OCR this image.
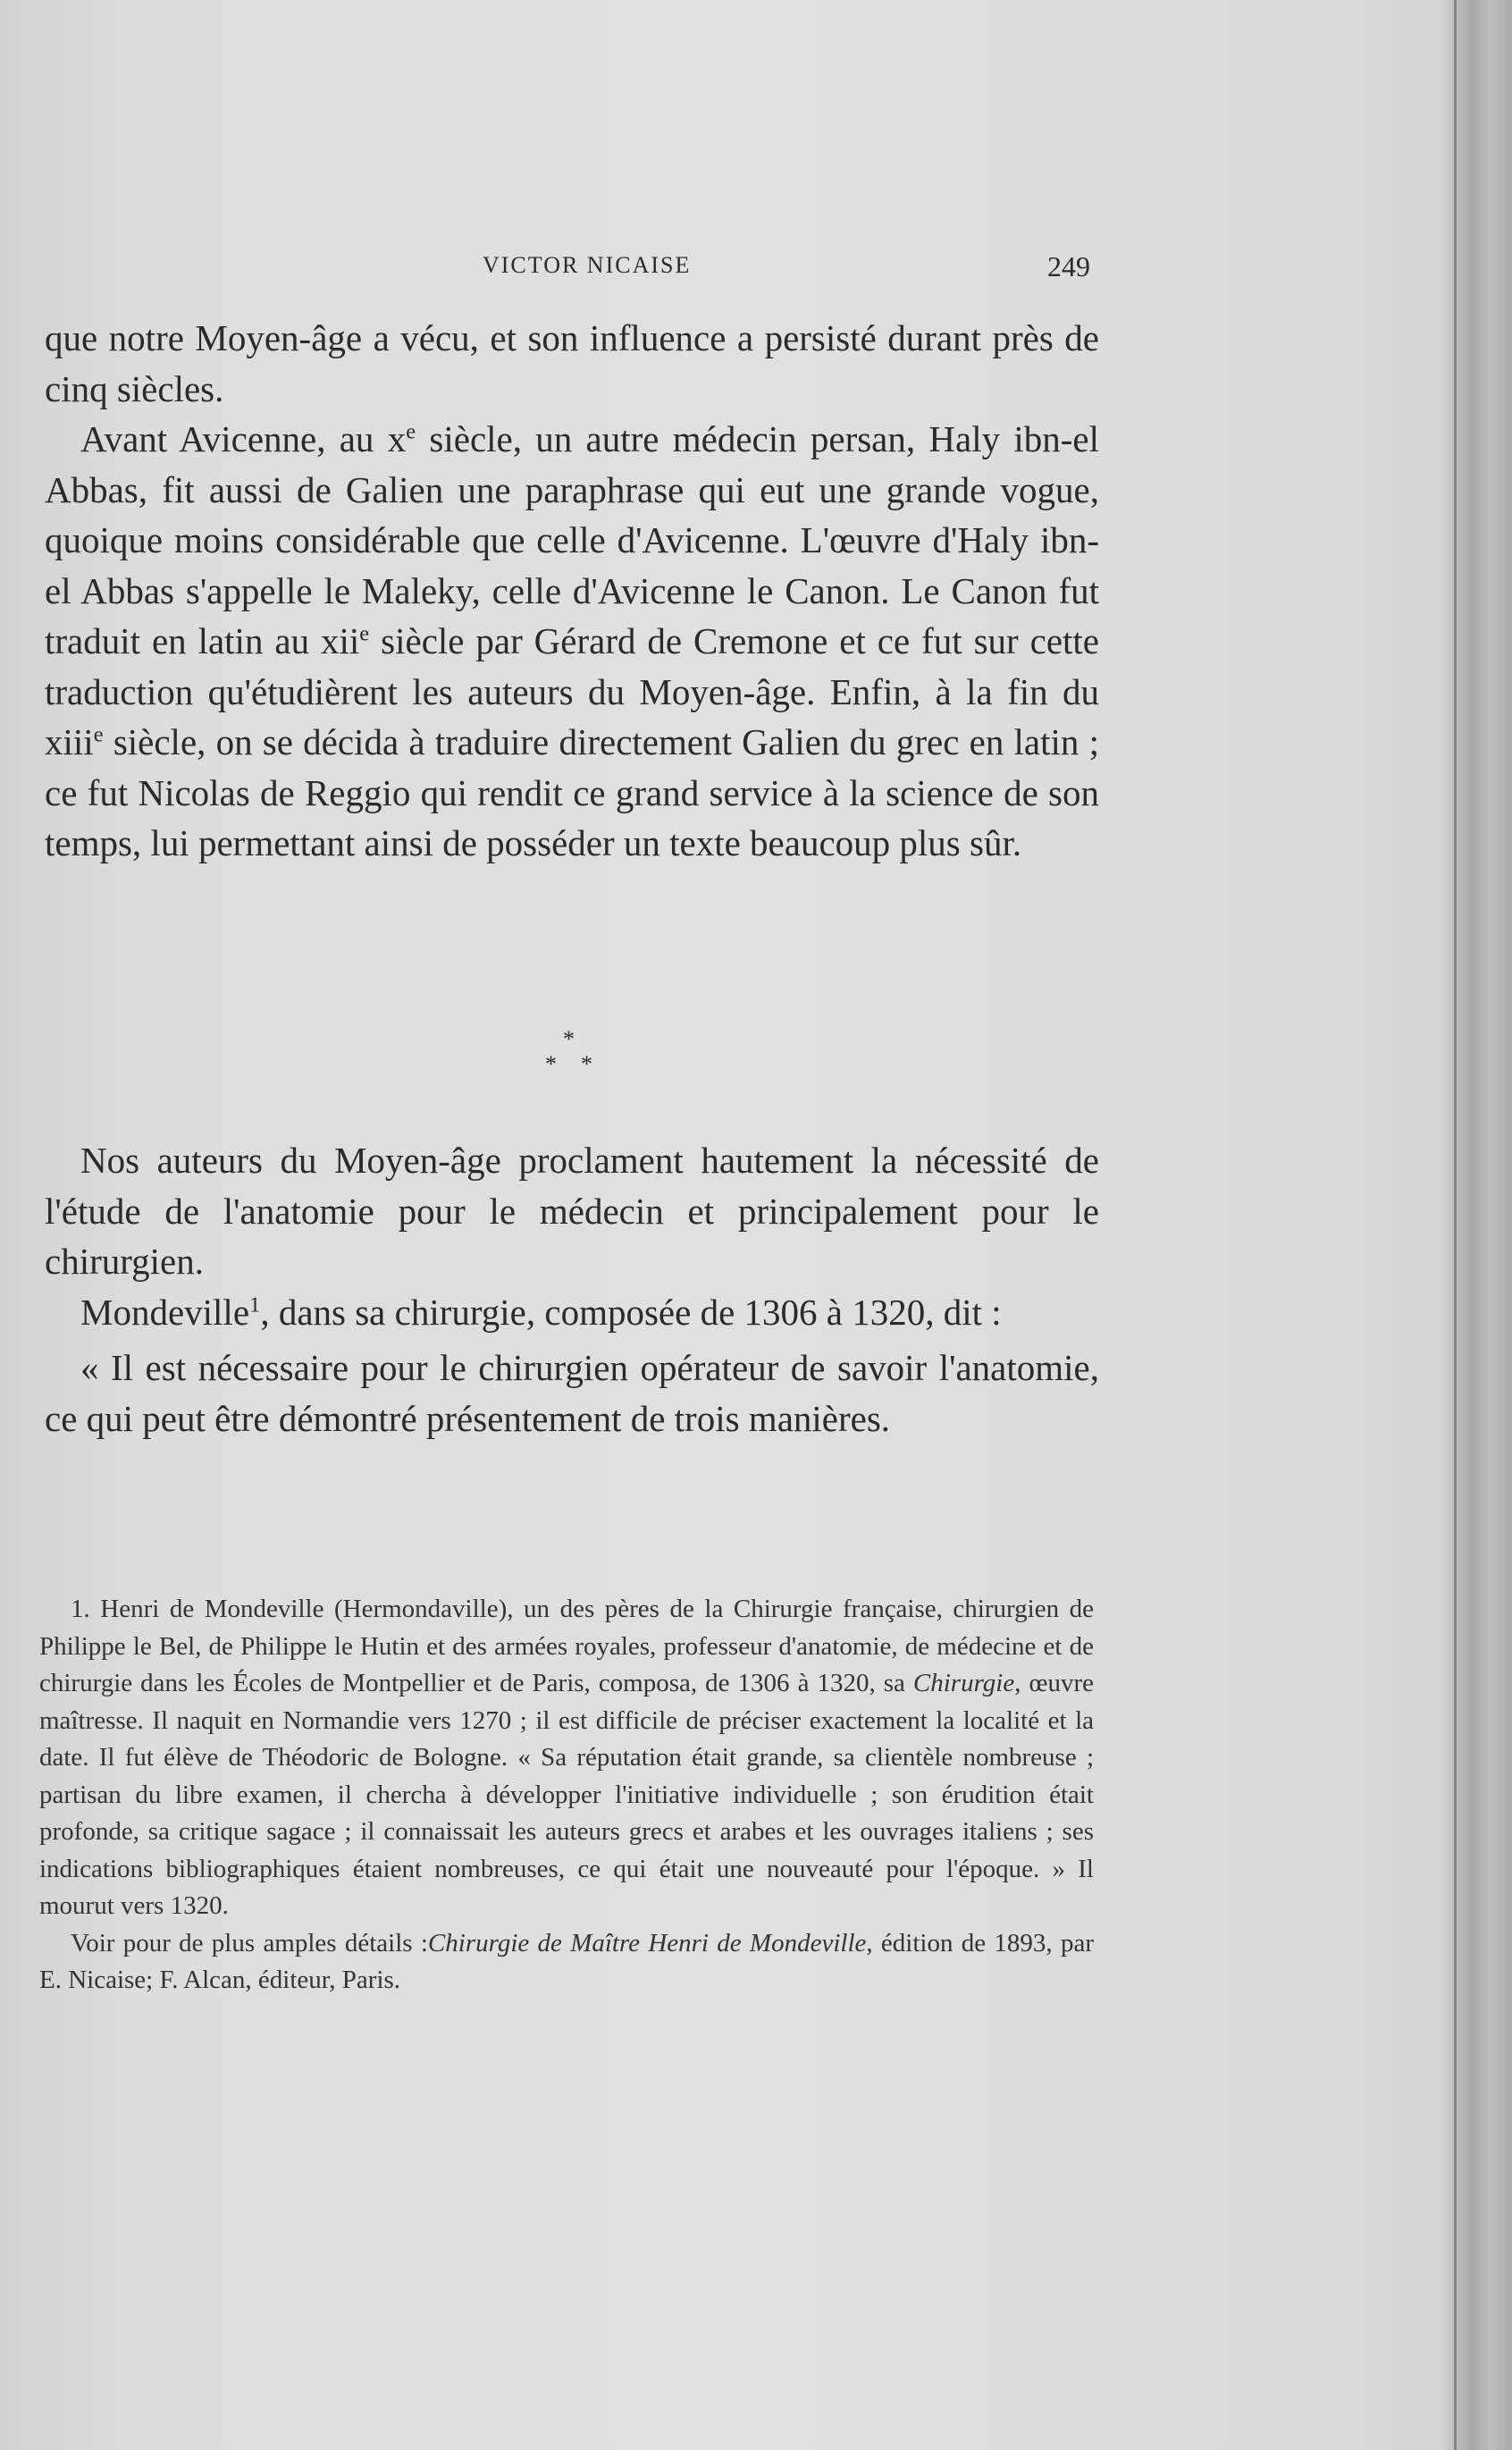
VICTOR NICAISE	249

que notre Moyen-âge a vécu, et son influence a persisté durant près de cinq siècles.

Avant Avicenne, au $x^e$ siècle, un autre médecin persan, Haly ibn-el Abbas, fit aussi de Galien une paraphrase qui eut une grande vogue, quoique moins considérable que celle d'Avicenne. L'œuvre d'Haly ibn-el Abbas s'appelle le Maleky, celle d'Avicenne le Canon. Le Canon fut traduit en latin au xii$^e$ siècle par Gérard de Cremone et ce fut sur cette traduction qu'étudièrent les auteurs du Moyen-âge. Enfin, à la fin du xiii$^e$ siècle, on se décida à traduire directement Galien du grec en latin ; ce fut Nicolas de Reggio qui rendit ce grand service à la science de son temps, lui permettant ainsi de posséder un texte beaucoup plus sûr.

*
* *

Nos auteurs du Moyen-âge proclament hautement la nécessité de l'étude de l'anatomie pour le médecin et principalement pour le chirurgien.

Mondeville$^1$, dans sa chirurgie, composée de 1306 à 1320, dit :

« Il est nécessaire pour le chirurgien opérateur de savoir l'anatomie, ce qui peut être démontré présentement de trois manières.

1. Henri de Mondeville (Hermondaville), un des pères de la Chirurgie française, chirurgien de Philippe le Bel, de Philippe le Hutin et des armées royales, professeur d'anatomie, de médecine et de chirurgie dans les Écoles de Montpellier et de Paris, composa, de 1306 à 1320, sa Chirurgie, œuvre maîtresse. Il naquit en Normandie vers 1270 ; il est difficile de préciser exactement la localité et la date. Il fut élève de Théodoric de Bologne. « Sa réputation était grande, sa clientèle nombreuse ; partisan du libre examen, il chercha à développer l'initiative individuelle ; son érudition était profonde, sa critique sagace ; il connaissait les auteurs grecs et arabes et les ouvrages italiens ; ses indications bibliographiques étaient nombreuses, ce qui était une nouveauté pour l'époque. » Il mourut vers 1320.

Voir pour de plus amples détails :Chirurgie de Maître Henri de Mondeville, édition de 1893, par E. Nicaise; F. Alcan, éditeur, Paris.
